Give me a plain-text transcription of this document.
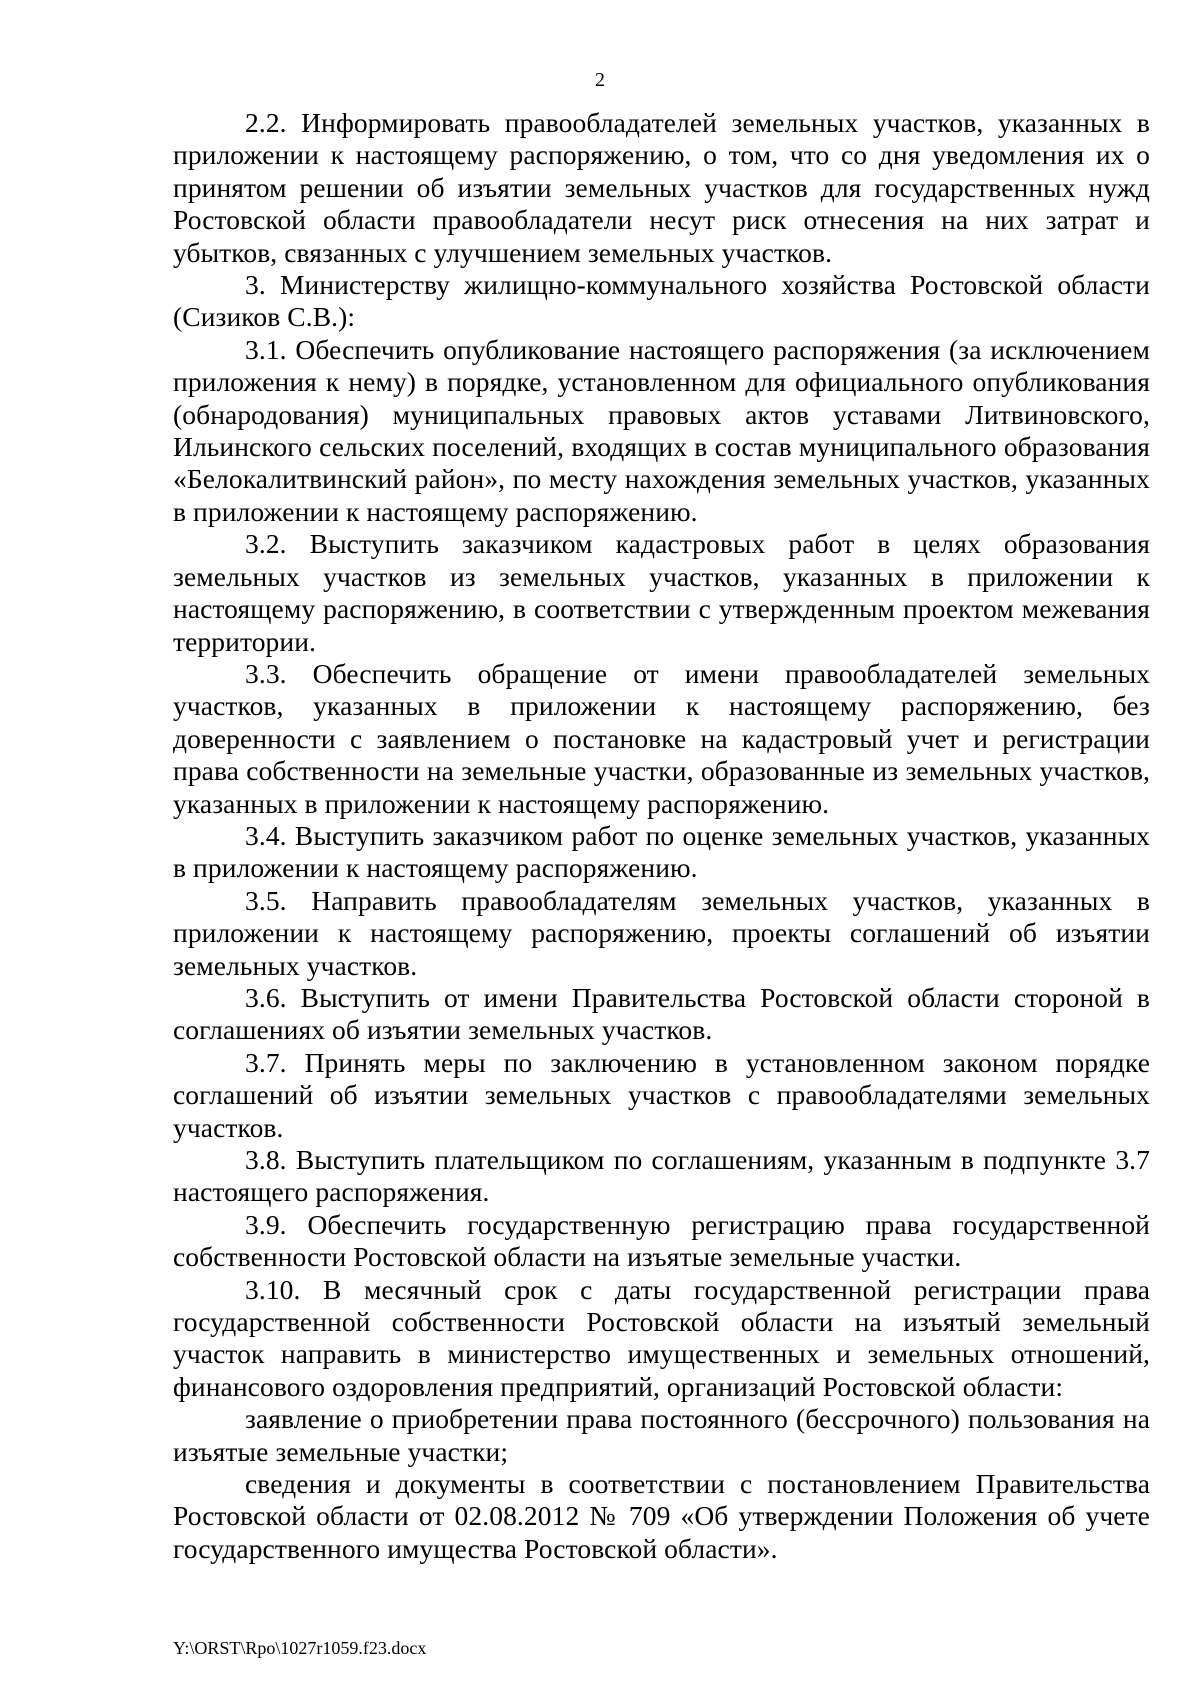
2

2.2. Информировать правообладателей земельных участков, указанных в приложении к настоящему распоряжению, о том, что со дня уведомления их о принятом решении об изъятии земельных участков для государственных нужд Ростовской области правообладатели несут риск отнесения на них затрат и убытков, связанных с улучшением земельных участков.

3. Министерству жилищно-коммунального хозяйства Ростовской области (Сизиков С.В.):

3.1. Обеспечить опубликование настоящего распоряжения (за исключением приложения к нему) в порядке, установленном для официального опубликования (обнародования) муниципальных правовых актов уставами Литвиновского, Ильинского сельских поселений, входящих в состав муниципального образования «Белокалитвинский район», по месту нахождения земельных участков, указанных в приложении к настоящему распоряжению.

3.2. Выступить заказчиком кадастровых работ в целях образования земельных участков из земельных участков, указанных в приложении к настоящему распоряжению, в соответствии с утвержденным проектом межевания территории.

3.3. Обеспечить обращение от имени правообладателей земельных участков, указанных в приложении к настоящему распоряжению, без доверенности с заявлением о постановке на кадастровый учет и регистрации права собственности на земельные участки, образованные из земельных участков, указанных в приложении к настоящему распоряжению.

3.4. Выступить заказчиком работ по оценке земельных участков, указанных в приложении к настоящему распоряжению.

3.5. Направить правообладателям земельных участков, указанных в приложении к настоящему распоряжению, проекты соглашений об изъятии земельных участков.

3.6. Выступить от имени Правительства Ростовской области стороной в соглашениях об изъятии земельных участков.

3.7. Принять меры по заключению в установленном законом порядке соглашений об изъятии земельных участков с правообладателями земельных участков.

3.8. Выступить плательщиком по соглашениям, указанным в подпункте 3.7 настоящего распоряжения.

3.9. Обеспечить государственную регистрацию права государственной собственности Ростовской области на изъятые земельные участки.

3.10. В месячный срок с даты государственной регистрации права государственной собственности Ростовской области на изъятый земельный участок направить в министерство имущественных и земельных отношений, финансового оздоровления предприятий, организаций Ростовской области:

заявление о приобретении права постоянного (бессрочного) пользования на изъятые земельные участки;

сведения и документы в соответствии с постановлением Правительства Ростовской области от 02.08.2012 № 709 «Об утверждении Положения об учете государственного имущества Ростовской области».

Y:\ORST\Rpo\1027r1059.f23.docx
